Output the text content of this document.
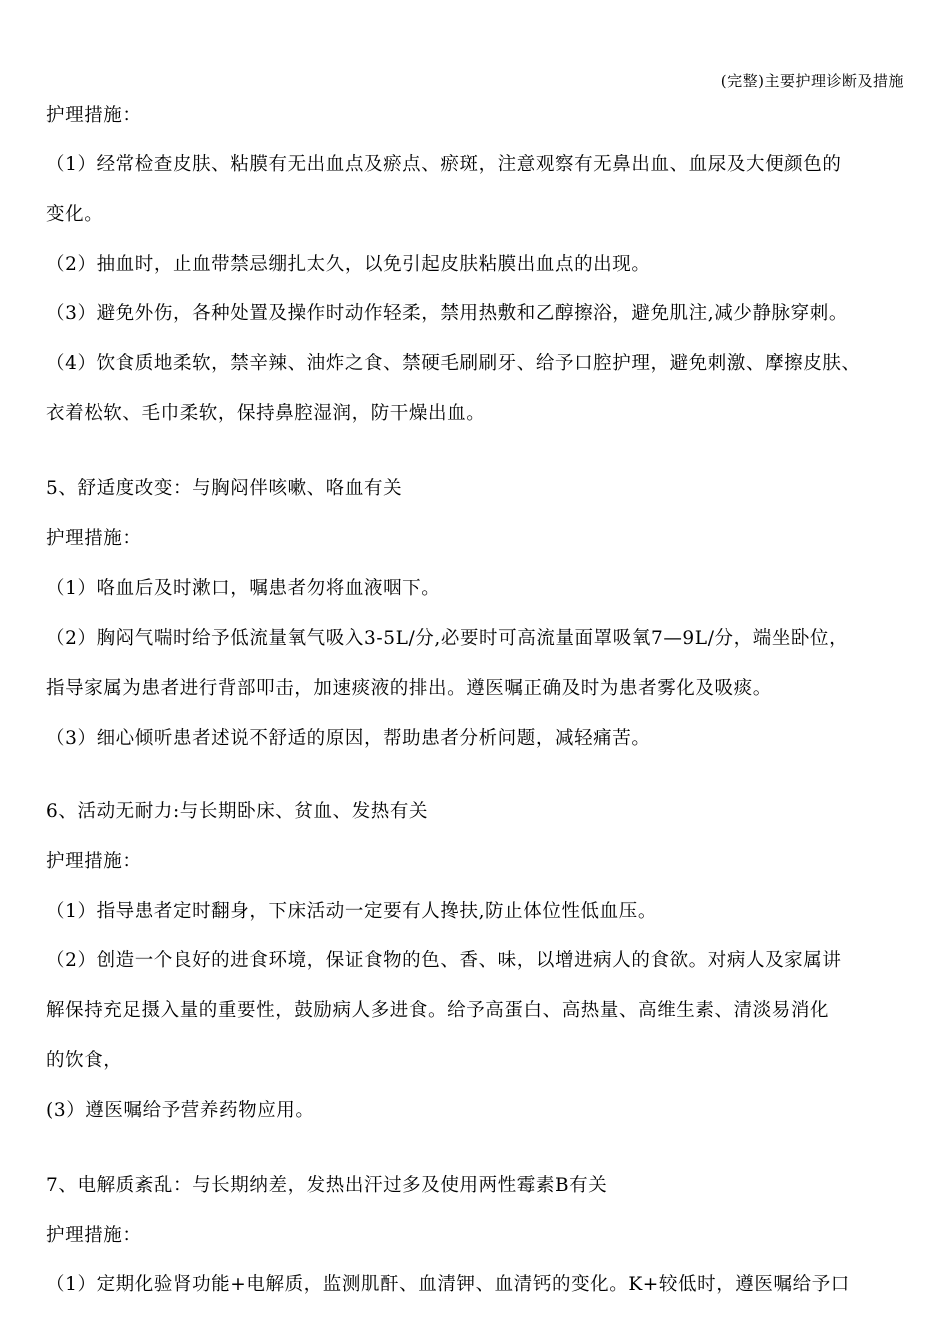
(完整)主要护理诊断及措施
护理措施：
（1）经常检查皮肤、粘膜有无出血点及瘀点、瘀斑，注意观察有无鼻出血、血尿及大便颜色的
变化。
（2）抽血时，止血带禁忌绷扎太久，以免引起皮肤粘膜出血点的出现。
（3）避免外伤，各种处置及操作时动作轻柔，禁用热敷和乙醇擦浴，避免肌注,减少静脉穿刺。
（4）饮食质地柔软，禁辛辣、油炸之食、禁硬毛刷刷牙、给予口腔护理，避免刺激、摩擦皮肤、
衣着松软、毛巾柔软，保持鼻腔湿润，防干燥出血。
5、舒适度改变：与胸闷伴咳嗽、咯血有关
护理措施：
（1）咯血后及时漱口，嘱患者勿将血液咽下。
（2）胸闷气喘时给予低流量氧气吸入3-5L/分,必要时可高流量面罩吸氧7—9L/分，端坐卧位，
指导家属为患者进行背部叩击，加速痰液的排出。遵医嘱正确及时为患者雾化及吸痰。
（3）细心倾听患者述说不舒适的原因，帮助患者分析问题，减轻痛苦。
6、活动无耐力:与长期卧床、贫血、发热有关
护理措施：
（1）指导患者定时翻身，下床活动一定要有人搀扶,防止体位性低血压。
（2）创造一个良好的进食环境，保证食物的色、香、味，以增进病人的食欲。对病人及家属讲
解保持充足摄入量的重要性，鼓励病人多进食。给予高蛋白、高热量、高维生素、清淡易消化
的饮食，
(3）遵医嘱给予营养药物应用。
7、电解质紊乱：与长期纳差，发热出汗过多及使用两性霉素B有关
护理措施：
（1）定期化验肾功能+电解质，监测肌酐、血清钾、血清钙的变化。K+较低时，遵医嘱给予口
